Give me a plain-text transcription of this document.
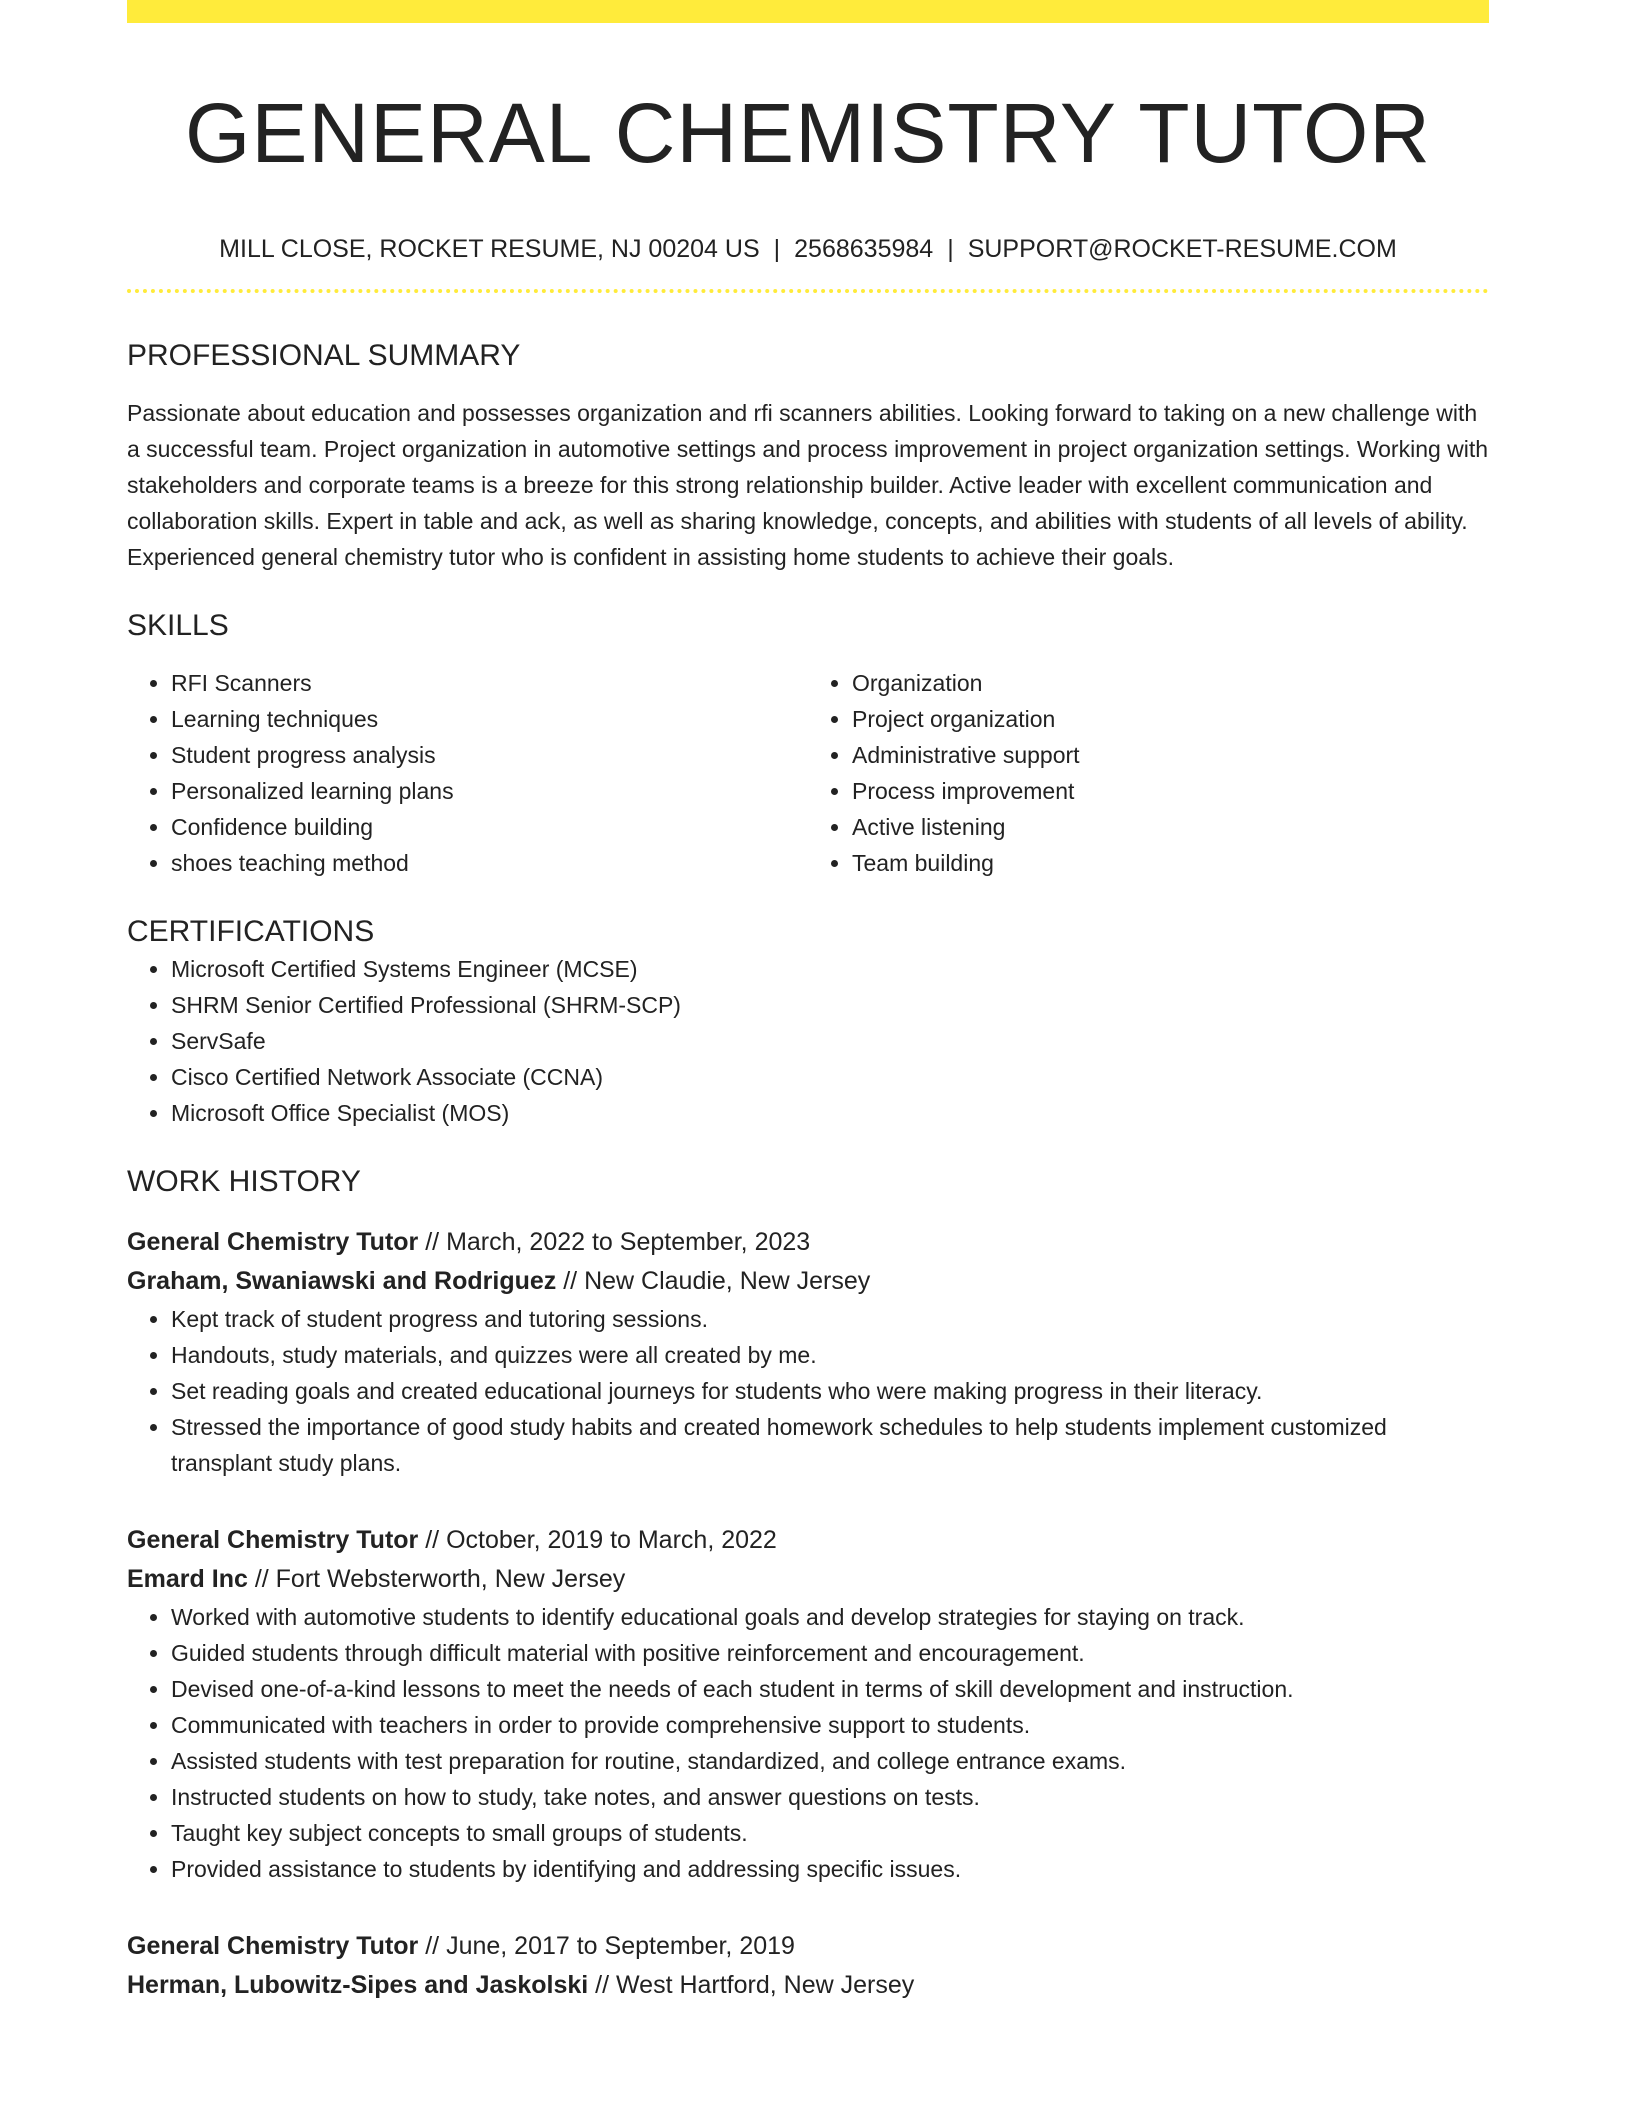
GENERAL CHEMISTRY TUTOR
MILL CLOSE, ROCKET RESUME, NJ 00204 US | 2568635984 | SUPPORT@ROCKET-RESUME.COM
PROFESSIONAL SUMMARY
Passionate about education and possesses organization and rfi scanners abilities. Looking forward to taking on a new challenge with a successful team. Project organization in automotive settings and process improvement in project organization settings. Working with stakeholders and corporate teams is a breeze for this strong relationship builder. Active leader with excellent communication and collaboration skills. Expert in table and ack, as well as sharing knowledge, concepts, and abilities with students of all levels of ability. Experienced general chemistry tutor who is confident in assisting home students to achieve their goals.
SKILLS
• RFI Scanners
• Learning techniques
• Student progress analysis
• Personalized learning plans
• Confidence building
• shoes teaching method
• Organization
• Project organization
• Administrative support
• Process improvement
• Active listening
• Team building
CERTIFICATIONS
• Microsoft Certified Systems Engineer (MCSE)
• SHRM Senior Certified Professional (SHRM-SCP)
• ServSafe
• Cisco Certified Network Associate (CCNA)
• Microsoft Office Specialist (MOS)
WORK HISTORY
General Chemistry Tutor // March, 2022 to September, 2023
Graham, Swaniawski and Rodriguez // New Claudie, New Jersey
• Kept track of student progress and tutoring sessions.
• Handouts, study materials, and quizzes were all created by me.
• Set reading goals and created educational journeys for students who were making progress in their literacy.
• Stressed the importance of good study habits and created homework schedules to help students implement customized transplant study plans.
General Chemistry Tutor // October, 2019 to March, 2022
Emard Inc // Fort Websterworth, New Jersey
• Worked with automotive students to identify educational goals and develop strategies for staying on track.
• Guided students through difficult material with positive reinforcement and encouragement.
• Devised one-of-a-kind lessons to meet the needs of each student in terms of skill development and instruction.
• Communicated with teachers in order to provide comprehensive support to students.
• Assisted students with test preparation for routine, standardized, and college entrance exams.
• Instructed students on how to study, take notes, and answer questions on tests.
• Taught key subject concepts to small groups of students.
• Provided assistance to students by identifying and addressing specific issues.
General Chemistry Tutor // June, 2017 to September, 2019
Herman, Lubowitz-Sipes and Jaskolski // West Hartford, New Jersey
